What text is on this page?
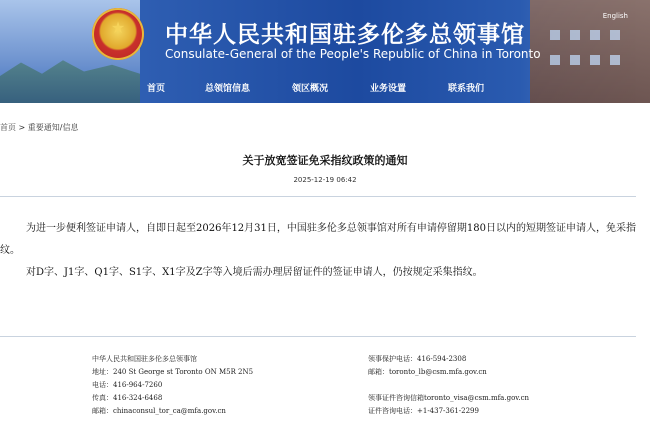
★	中华人民共和国驻多伦多总领事馆
Consulate-General of the People's Republic of China in Toronto
English
首页	总领馆信息	领区概况	业务设置	联系我们
首页 > 重要通知/信息
关于放宽签证免采指纹政策的通知
2025-12-19 06:42

为进一步便利签证申请人，自即日起至2026年12月31日，中国驻多伦多总领事馆对所有申请停留期180日以内的短期签证申请人，免采指纹。

对D字、J1字、Q1字、S1字、X1字及Z字等入境后需办理居留证件的签证申请人，仍按规定采集指纹。

中华人民共和国驻多伦多总领事馆
地址：240 St George st Toronto ON M5R 2N5
电话：416-964-7260
传真：416-324-6468
邮箱：chinaconsul_tor_ca@mfa.gov.cn
领事保护电话：416-594-2308
邮箱：toronto_lb@csm.mfa.gov.cn
领事证件咨询信箱toronto_visa@csm.mfa.gov.cn
证件咨询电话：+1-437-361-2299
